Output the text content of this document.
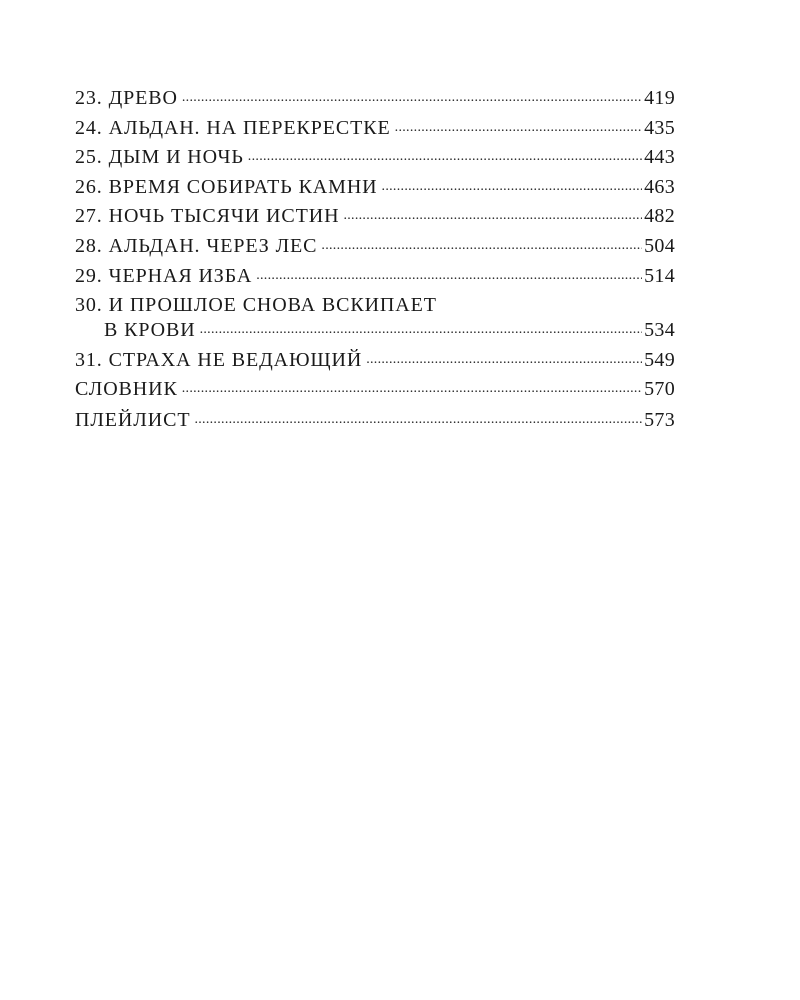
23. ДРЕВО .....	419
24. АЛЬДАН. НА ПЕРЕКРЕСТКЕ .....	435
25. ДЫМ И НОЧЬ .....	443
26. ВРЕМЯ СОБИРАТЬ КАМНИ .....	463
27. НОЧЬ ТЫСЯЧИ ИСТИН .....	482
28. АЛЬДАН. ЧЕРЕЗ ЛЕС .....	504
29. ЧЕРНАЯ ИЗБА .....	514
30. И ПРОШЛОЕ СНОВА ВСКИПАЕТ
В КРОВИ .....	534
31. СТРАХА НЕ ВЕДАЮЩИЙ .....	549
СЛОВНИК .....	570
ПЛЕЙЛИСТ .....	573
